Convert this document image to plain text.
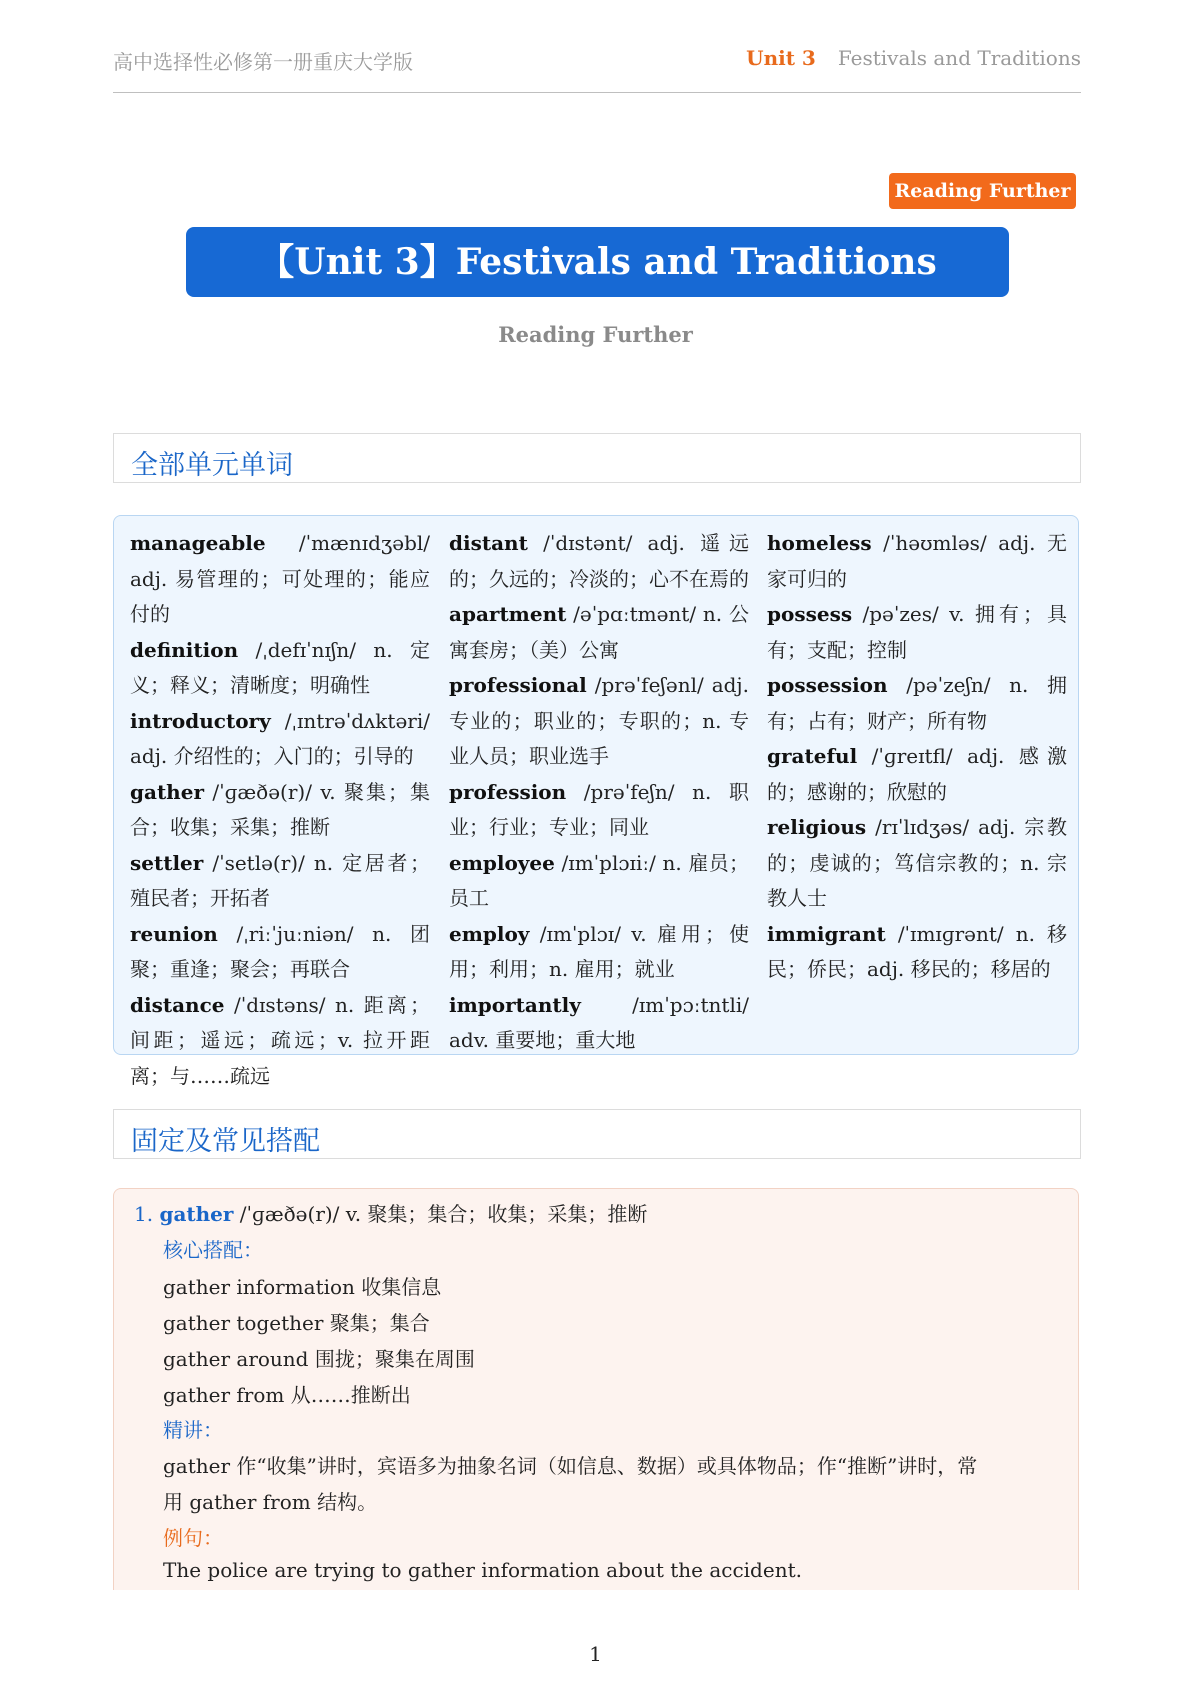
高中选择性必修第一册重庆大学版	Unit 3 Festivals and Traditions
Reading Further
【Unit 3】Festivals and Traditions
Reading Further
全部单元单词

manageable /ˈmænɪdʒəbl/ adj. 易管理的；可处理的；能应付的

definition /ˌdefɪˈnɪʃn/ n. 定义；释义；清晰度；明确性

introductory /ˌɪntrəˈdʌktəri/ adj. 介绍性的；入门的；引导的

gather /ˈɡæðə(r)/ v. 聚集；集合；收集；采集；推断

settler /ˈsetlə(r)/ n. 定居者；殖民者；开拓者

reunion /ˌriːˈjuːniən/ n. 团聚；重逢；聚会；再联合

distance /ˈdɪstəns/ n. 距离；间距；遥远；疏远；v. 拉开距离；与……疏远

distant /ˈdɪstənt/ adj. 遥远的；久远的；冷淡的；心不在焉的

apartment /əˈpɑːtmənt/ n. 公寓套房；（美）公寓

professional /prəˈfeʃənl/ adj. 专业的；职业的；专职的；n. 专业人员；职业选手

profession /prəˈfeʃn/ n. 职业；行业；专业；同业

employee /ɪmˈplɔɪiː/ n. 雇员；员工

employ /ɪmˈplɔɪ/ v. 雇用；使用；利用；n. 雇用；就业

importantly /ɪmˈpɔːtntli/ adv. 重要地；重大地

homeless /ˈhəʊmləs/ adj. 无家可归的

possess /pəˈzes/ v. 拥有；具有；支配；控制

possession /pəˈzeʃn/ n. 拥有；占有；财产；所有物

grateful /ˈɡreɪtfl/ adj. 感激的；感谢的；欣慰的

religious /rɪˈlɪdʒəs/ adj. 宗教的；虔诚的；笃信宗教的；n. 宗教人士

immigrant /ˈɪmɪɡrənt/ n. 移民；侨民；adj. 移民的；移居的

固定及常见搭配
1. gather /ˈɡæðə(r)/ v. 聚集；集合；收集；采集；推断
核心搭配：
gather information 收集信息
gather together 聚集；集合
gather around 围拢；聚集在周围
gather from 从……推断出
精讲：
gather 作“收集”讲时，宾语多为抽象名词（如信息、数据）或具体物品；作“推断”讲时，常
用 gather from 结构。
例句：
The police are trying to gather information about the accident.
1
